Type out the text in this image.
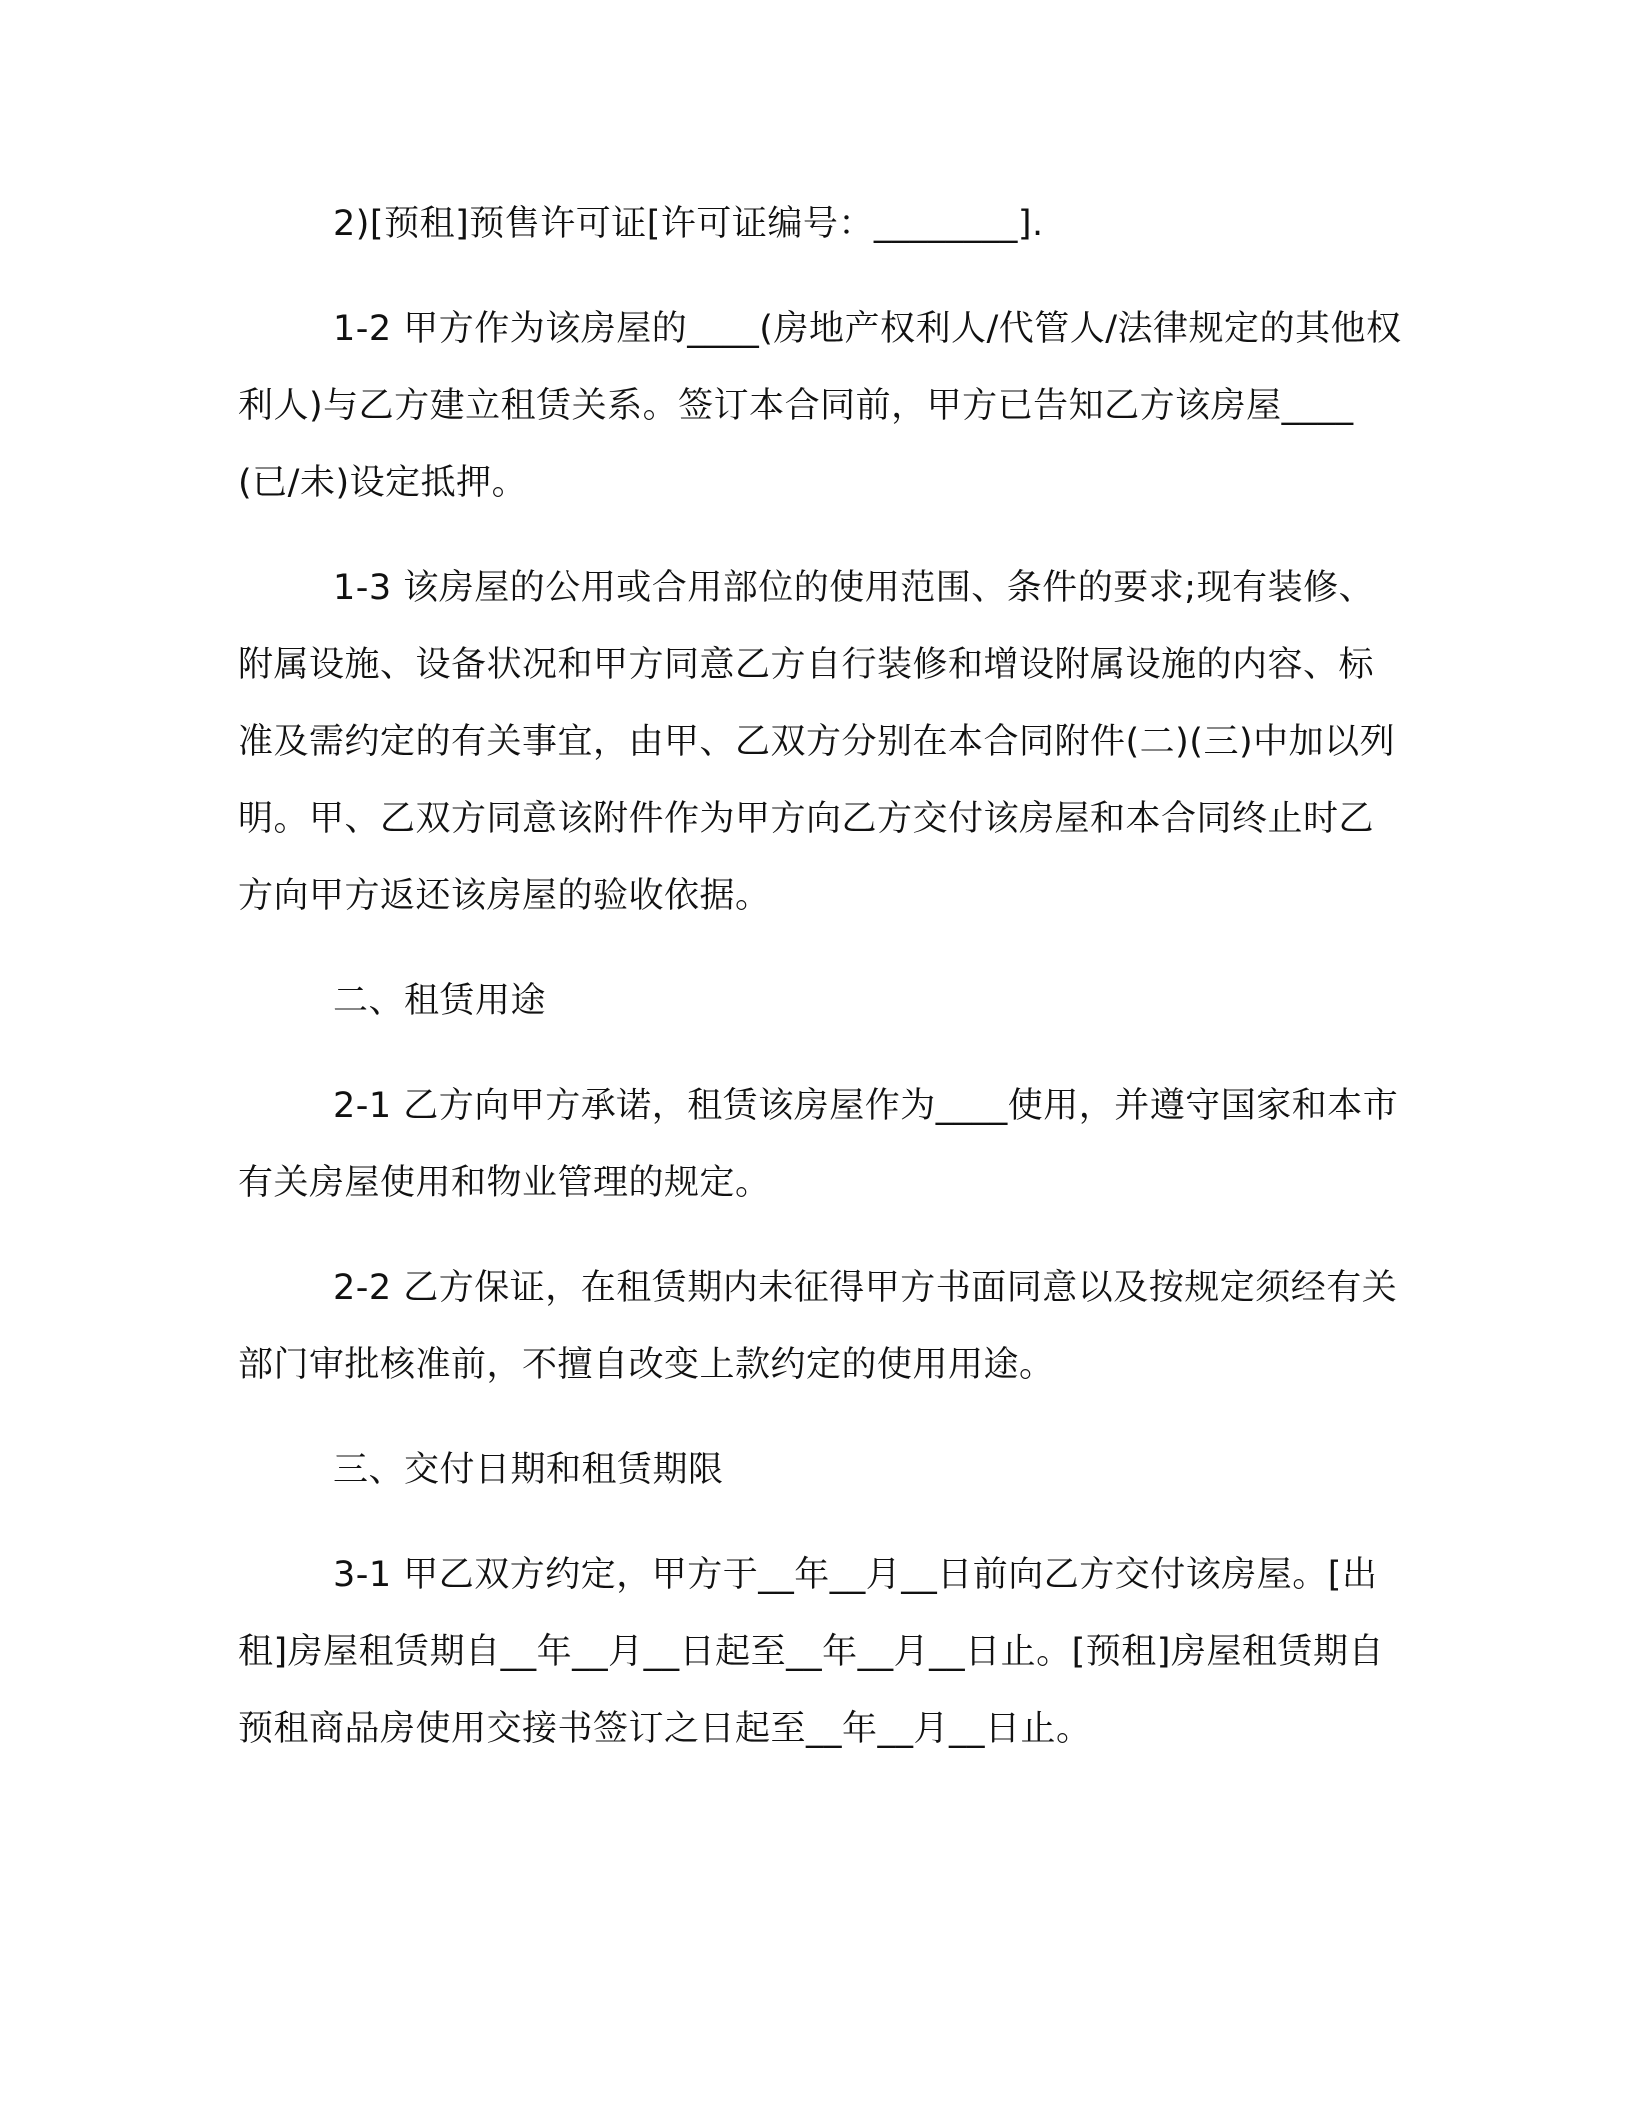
2)[预租]预售许可证[许可证编号：________].

1-2 甲方作为该房屋的____(房地产权利人/代管人/法律规定的其他权利人)与乙方建立租赁关系。签订本合同前，甲方已告知乙方该房屋____(已/未)设定抵押。

1-3 该房屋的公用或合用部位的使用范围、条件的要求;现有装修、附属设施、设备状况和甲方同意乙方自行装修和增设附属设施的内容、标准及需约定的有关事宜，由甲、乙双方分别在本合同附件(二)(三)中加以列明。甲、乙双方同意该附件作为甲方向乙方交付该房屋和本合同终止时乙方向甲方返还该房屋的验收依据。

二、租赁用途

2-1 乙方向甲方承诺，租赁该房屋作为____使用，并遵守国家和本市有关房屋使用和物业管理的规定。

2-2 乙方保证，在租赁期内未征得甲方书面同意以及按规定须经有关部门审批核准前，不擅自改变上款约定的使用用途。

三、交付日期和租赁期限

3-1 甲乙双方约定，甲方于__年__月__日前向乙方交付该房屋。[出租]房屋租赁期自__年__月__日起至__年__月__日止。[预租]房屋租赁期自预租商品房使用交接书签订之日起至__年__月__日止。
